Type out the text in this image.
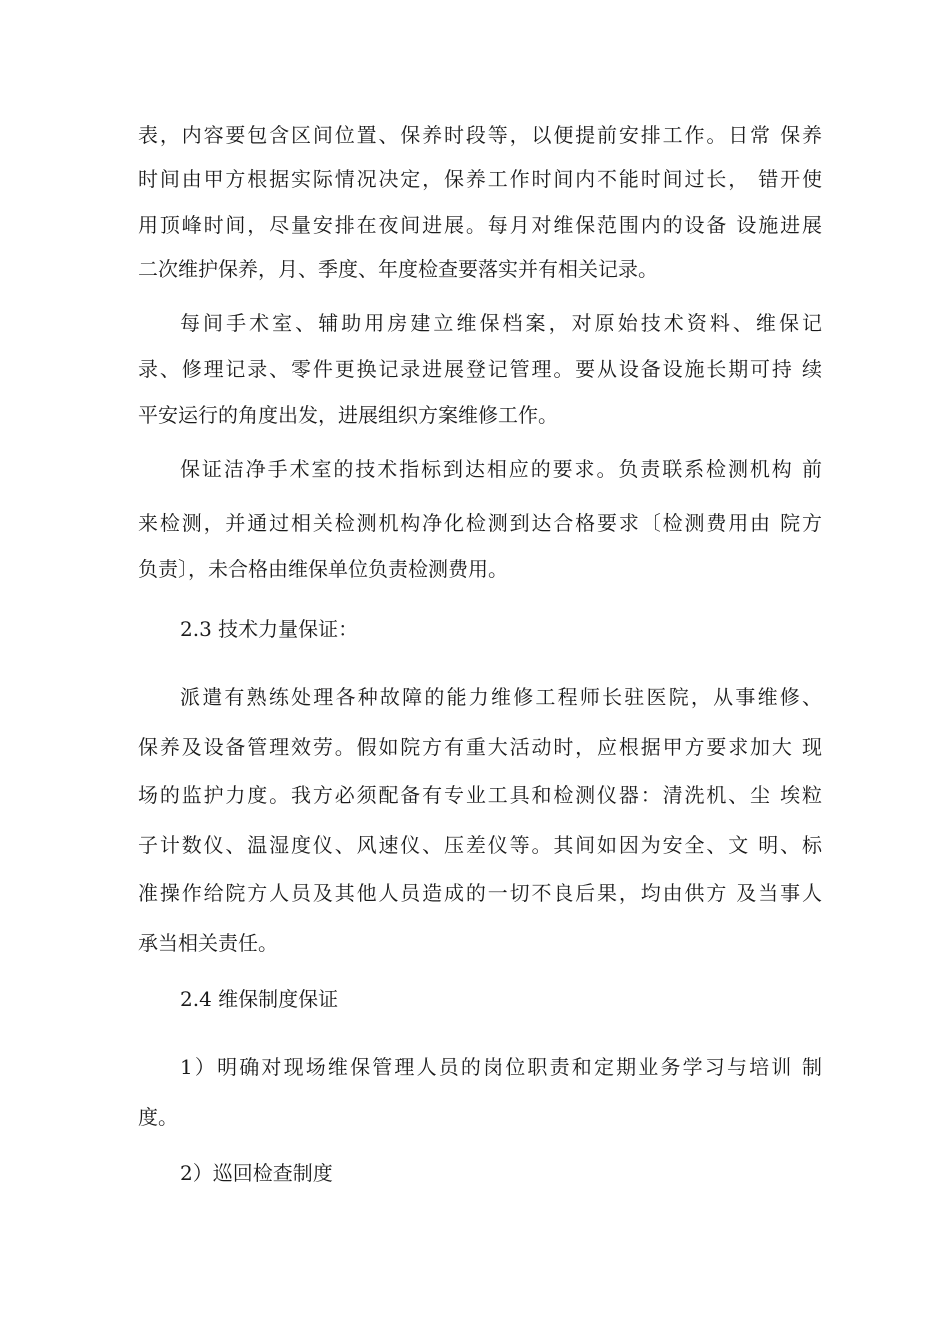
表，内容要包含区间位置、保养时段等，以便提前安排工作。日常 保养
时间由甲方根据实际情况决定，保养工作时间内不能时间过长， 错开使
用顶峰时间，尽量安排在夜间进展。每月对维保范围内的设备 设施进展
二次维护保养，月、季度、年度检查要落实并有相关记录。
每间手术室、辅助用房建立维保档案，对原始技术资料、维保记
录、修理记录、零件更换记录进展登记管理。要从设备设施长期可持 续
平安运行的角度出发，进展组织方案维修工作。
保证洁净手术室的技术指标到达相应的要求。负责联系检测机构 前
来检测，并通过相关检测机构净化检测到达合格要求〔检测费用由 院方
负责〕，未合格由维保单位负责检测费用。
2.3 技术力量保证：
派遣有熟练处理各种故障的能力维修工程师长驻医院，从事维修、
保养及设备管理效劳。假如院方有重大活动时，应根据甲方要求加大 现
场的监护力度。我方必须配备有专业工具和检测仪器：清洗机、尘 埃粒
子计数仪、温湿度仪、风速仪、压差仪等。其间如因为安全、文 明、标
准操作给院方人员及其他人员造成的一切不良后果，均由供方 及当事人
承当相关责任。
2.4 维保制度保证
1）明确对现场维保管理人员的岗位职责和定期业务学习与培训 制
度。
2）巡回检查制度
